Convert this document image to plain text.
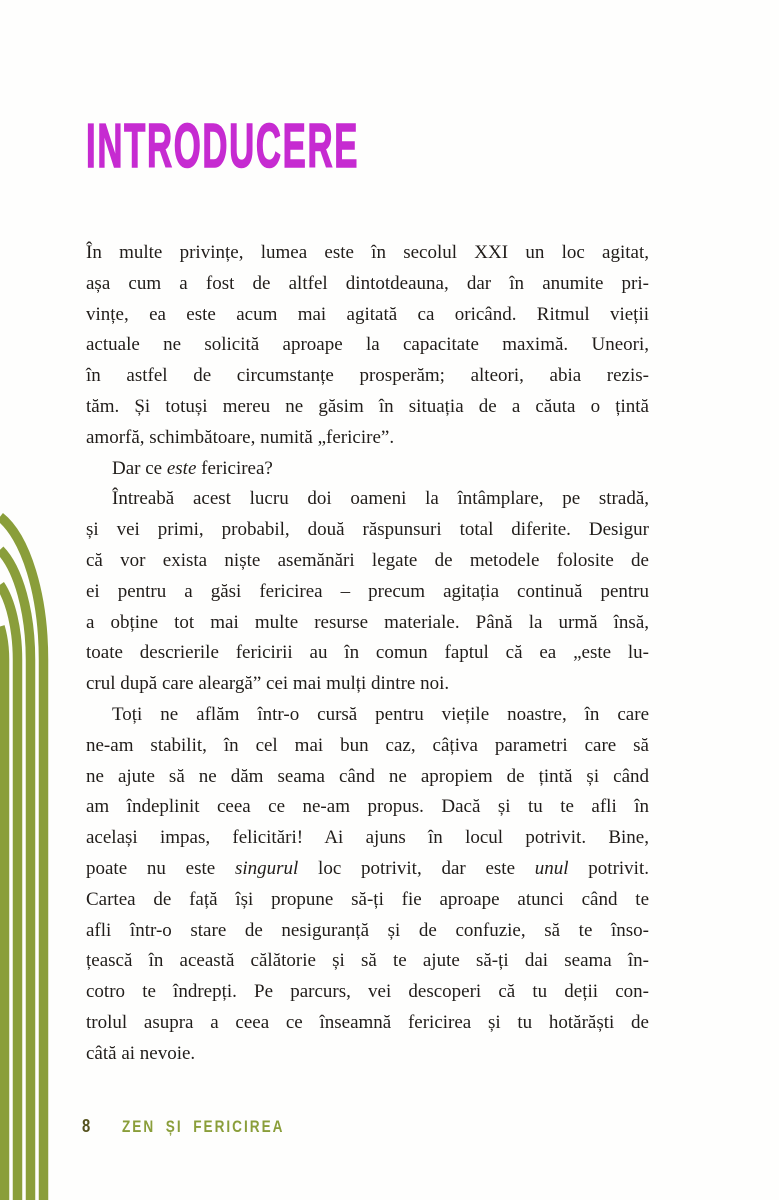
INTRODUCERE
În multe privințe, lumea este în secolul XXI un loc agitat,
așa cum a fost de altfel dintotdeauna, dar în anumite pri-
vințe, ea este acum mai agitată ca oricând. Ritmul vieții
actuale ne solicită aproape la capacitate maximă. Uneori,
în astfel de circumstanțe prosperăm; alteori, abia rezis-
tăm. Și totuși mereu ne găsim în situația de a căuta o țintă
amorfă, schimbătoare, numită „fericire”.
Dar ce este fericirea?
Întreabă acest lucru doi oameni la întâmplare, pe stradă,
și vei primi, probabil, două răspunsuri total diferite. Desigur
că vor exista niște asemănări legate de metodele folosite de
ei pentru a găsi fericirea – precum agitația continuă pentru
a obține tot mai multe resurse materiale. Până la urmă însă,
toate descrierile fericirii au în comun faptul că ea „este lu-
crul după care aleargă” cei mai mulți dintre noi.
Toți ne aflăm într-o cursă pentru viețile noastre, în care
ne-am stabilit, în cel mai bun caz, câțiva parametri care să
ne ajute să ne dăm seama când ne apropiem de țintă și când
am îndeplinit ceea ce ne-am propus. Dacă și tu te afli în
același impas, felicitări! Ai ajuns în locul potrivit. Bine,
poate nu este singurul loc potrivit, dar este unul potrivit.
Cartea de față își propune să-ți fie aproape atunci când te
afli într-o stare de nesiguranță și de confuzie, să te înso-
țească în această călătorie și să te ajute să-ți dai seama în-
cotro te îndrepți. Pe parcurs, vei descoperi că tu deții con-
trolul asupra a ceea ce înseamnă fericirea și tu hotărăști de
câtă ai nevoie.
8 ZEN ȘI FERICIREA
